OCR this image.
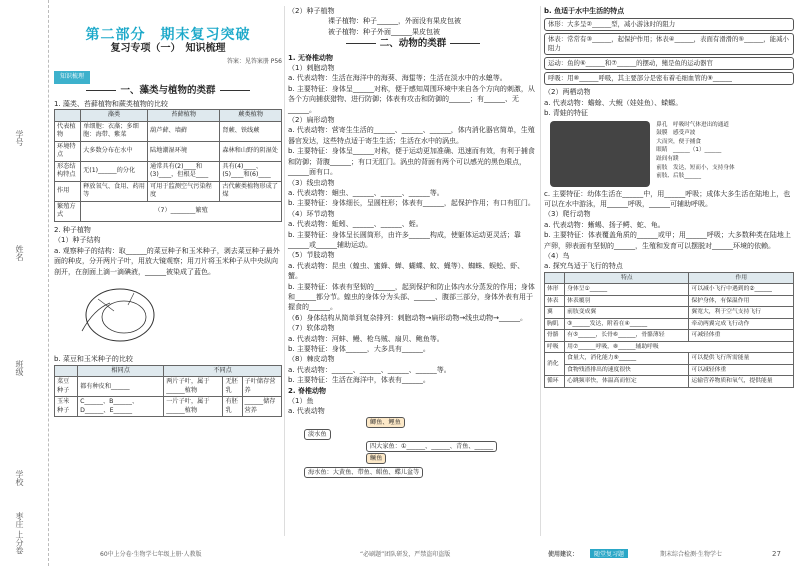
学号
姓名
班级
学校
枣庄 上分卷
第二部分　期末复习突破
复习专项（一）　知识梳理
答案：见答案册 P56
知识梳理
一、藻类与植物的类群
1. 藻类、苔藓植物和蕨类植物的比较
	藻类	苔藓植物	蕨类植物
代表植物	单细胞：衣藻；多细胞：海带、紫菜	葫芦藓、墙藓	肾蕨、铁线蕨
环境特点	大多数分布在水中	陆地潮湿环境	森林和山野的阴湿处
形态结构特点	无(1)______的分化	通常具有(2)____和(3)____，但根是____	具有(4)____、(5)____和(6)____
作用	释放氧气、食用、药用等	可用于监测空气污染程度	古代蕨类植物形成了煤
繁殖方式	（7）________繁殖		
2. 种子植物
（1）种子结构
a. 观察种子的结构：取______的菜豆种子和玉米种子，剥去菜豆种子最外面的种皮，分开两片子叶，用放大镜观察；用刀片将玉米种子从中央纵向剖开，在剖面上滴一滴碘液，______被染成了蓝色。
b. 菜豆和玉米种子的比较
	相同点	不同点		
菜豆种子	都有种皮和______	两片子叶，属于______植物	无胚乳	子叶储存营养
玉米种子	C______、B______、D______、E______	一片子叶，属于______植物	有胚乳	______储存营养
60中上分卷·生物学七年级上册·人教版
（2）种子植物
裸子植物：种子______，外面没有果皮包被
被子植物：种子外面______果皮包被
二、动物的类群
1. 无脊椎动物
（1）刺胞动物
a. 代表动物：生活在海洋中的海葵、海蜇等；生活在淡水中的水螅等。
b. 主要特征：身体呈______对称，便于感知周围环境中来自各个方向的刺激，从各个方向捕获猎物、进行防御；体表有攻击和防御的______；有______、无______。
（2）扁形动物
a. 代表动物：营寄生生活的______、______、______，体内消化器官简单，生殖器官发达，这些特点适于寄生生活；生活在水中的涡虫。
b. 主要特征：身体呈______对称，便于运动更加准确、迅速而有效，有利于捕食和防御；背腹______；有口无肛门。涡虫的背面有两个可以感光的黑色眼点，______面有口。
（3）线虫动物
a. 代表动物：蛔虫、______、______、______等。
b. 主要特征：身体细长，呈圆柱形；体表有______，起保护作用；有口有肛门。
（4）环节动物
a. 代表动物：蚯蚓、______、______、蛭。
b. 主要特征：身体呈长圆筒形，由许多______构成，使躯体运动更灵活；靠______或______辅助运动。
（5）节肢动物
a. 代表动物：昆虫（蝗虫、蜜蜂、蝉、蝴蝶、蚊、蝇等）、蜘蛛、蜈蚣、虾、蟹。
b. 主要特征：体表有坚韧的______，起到保护和防止体内水分蒸发的作用；身体和______都分节。蝗虫的身体分为头部、______、腹部三部分，身体外表有用于握食的______。
（6）身体结构从简单到复杂排列：刺胞动物→扁形动物→线虫动物→______。
（7）软体动物
a. 代表动物：河蚌、鳗、枪乌贼、扇贝、鲍鱼等。
b. 主要特征：身体______，大多具有______。
（8）棘皮动物
a. 代表动物：______、______、______、______等。
b. 主要特征：生活在海洋中，体表有______。
2. 脊椎动物
（1）鱼
a. 代表动物
鲫鱼、鲤鱼
淡水鱼
四大家鱼：①______、______、青鱼、______
鳜鱼
海水鱼：大黄鱼、带鱼、鲳鱼、蝶儿盆等
“必刷题”团队研发，严禁盗印盗版
b. 鱼适于水中生活的特点
体形：大多呈②______型，减小游泳时的阻力
体表：常常有③______，起保护作用；体表④______，表面有滑滑的⑤______，能减小阻力
运动：鱼的⑥______和⑦______的摆动，鳍是鱼的运动器官
呼吸：用⑧______呼吸，其主要部分是密布着毛细血管的⑨______
（2）两栖动物
a. 代表动物：蟾蜍、大鲵（娃娃鱼）、蝾螈。
b. 青蛙的特征

鼻孔　呼吸时气体进出的通道
鼓膜　感受声波
大而突，便于捕食
眼睛　______（1）______
趾间有蹼
前肢　发达，短而小，支持身体
前肢、后肢______
c. 主要特征：幼体生活在______中，用______呼吸；成体大多生活在陆地上，也可以在水中游泳，用______呼吸，______可辅助呼吸。
（3）爬行动物
a. 代表动物：蜥蜴、扬子鳄、蛇、龟。
b. 主要特征：体表覆盖角质的______或甲；用______呼吸；大多数种类在陆地上产卵，卵表面有坚韧的______，生殖和发育可以摆脱对______环境的依赖。
（4）鸟
a. 探究鸟适于飞行的特点
	特点	作用
体形	身体呈①______	可以减小飞行中遇到的②______
体表	体表覆羽	保护身体，有保温作用
翼	前肢变成翼	翼宽大，利于空气支持飞行
胸肌	③______发达，附着在④______	牵动两翼完成飞行动作
骨骼	有⑤______，长骨⑥______，骨骼薄轻	可减轻体重
呼吸	用⑦______呼吸，⑧______辅助呼吸	
消化	食量大，消化能力⑨______	可以提供飞行所需能量
	食物残渣排出的速度很快	可以减轻体重
循环	心跳频率快，体温高而恒定	运输营养物质和氧气，提供能量
使用建议：	随堂复习题	期末综合检测·生物学七	27
